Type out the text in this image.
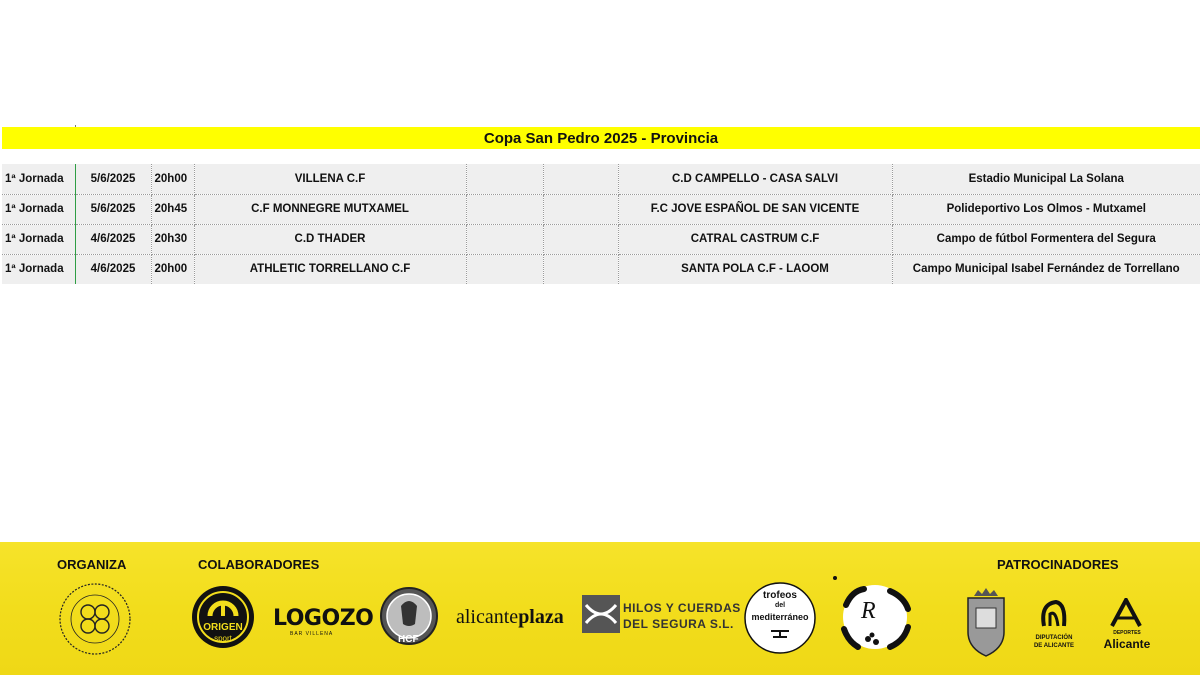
Copa San Pedro 2025 - Provincia
1ª Jornada	5/6/2025	20h00	VILLENA C.F			C.D CAMPELLO - CASA SALVI	Estadio Municipal La Solana
1ª Jornada	5/6/2025	20h45	C.F MONNEGRE MUTXAMEL			F.C JOVE ESPAÑOL DE SAN VICENTE	Polideportivo Los Olmos - Mutxamel
1ª Jornada	4/6/2025	20h30	C.D THADER			CATRAL CASTRUM C.F	Campo de fútbol Formentera del Segura
1ª Jornada	4/6/2025	20h00	ATHLETIC TORRELLANO C.F			SANTA POLA C.F - LAOOM	Campo Municipal Isabel Fernández de Torrellano
ORGANIZA	COLABORADORES	PATROCINADORES
ORIGEN
sport
LOGOZO
BAR VILLENA	HCF
alicanteplaza	HILOS Y CUERDAS
DEL SEGURA S.L.
trofeos
del
mediterráneo	R
DIPUTACIÓN
DE ALICANTE
DEPORTES
Alicante
